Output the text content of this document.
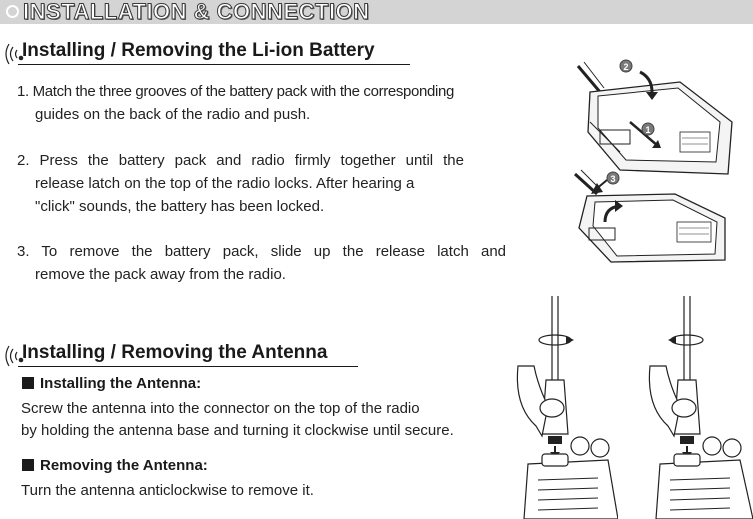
INSTALLATION & CONNECTION
Installing / Removing the Li-ion Battery
1. Match the three grooves of the battery pack with the corresponding
guides on the back of the radio and push.
2. Press the battery pack and radio firmly together until the
release latch on the top of the radio locks. After hearing a
"click" sounds, the battery has been locked.
3. To remove the battery pack, slide up the release latch and
remove the pack away from the radio.
2
1
3
Installing / Removing the Antenna
Installing the Antenna:
Screw the antenna into the connector on the top of the radio
by holding the antenna base and turning it clockwise until secure.
Removing the Antenna:
Turn the antenna anticlockwise to remove it.
